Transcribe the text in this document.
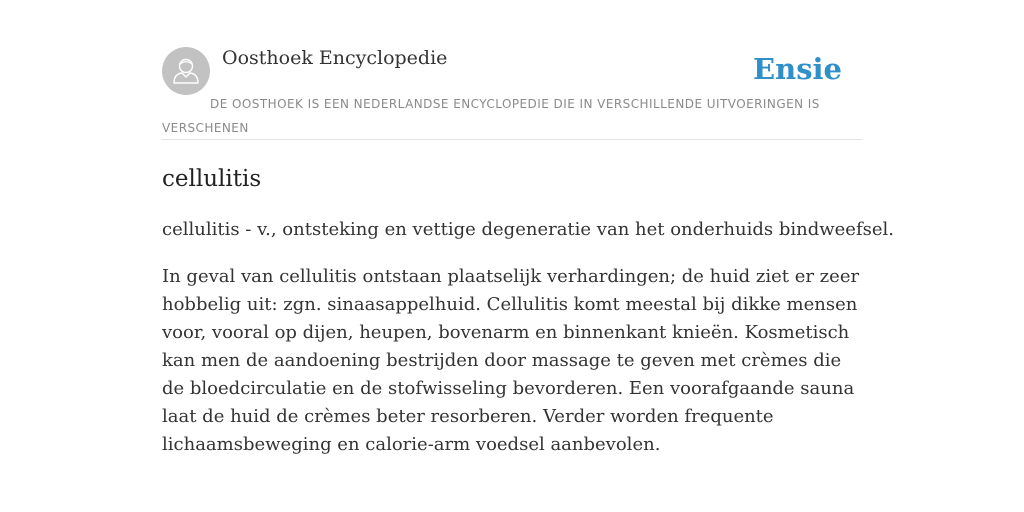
Oosthoek Encyclopedie	Ensie
DE OOSTHOEK IS EEN NEDERLANDSE ENCYCLOPEDIE DIE IN VERSCHILLENDE UITVOERINGEN IS VERSCHENEN
cellulitis

cellulitis - v., ontsteking en vettige degeneratie van het onderhuids bindweefsel.

In geval van cellulitis ontstaan plaatselijk verhardingen; de huid ziet er zeer hobbelig uit: zgn. sinaasappelhuid. Cellulitis komt meestal bij dikke mensen voor, vooral op dijen, heupen, bovenarm en binnenkant knieën. Kosmetisch kan men de aandoening bestrijden door massage te geven met crèmes die de bloedcirculatie en de stofwisseling bevorderen. Een voorafgaande sauna laat de huid de crèmes beter resorberen. Verder worden frequente lichaamsbeweging en calorie-arm voedsel aanbevolen.
